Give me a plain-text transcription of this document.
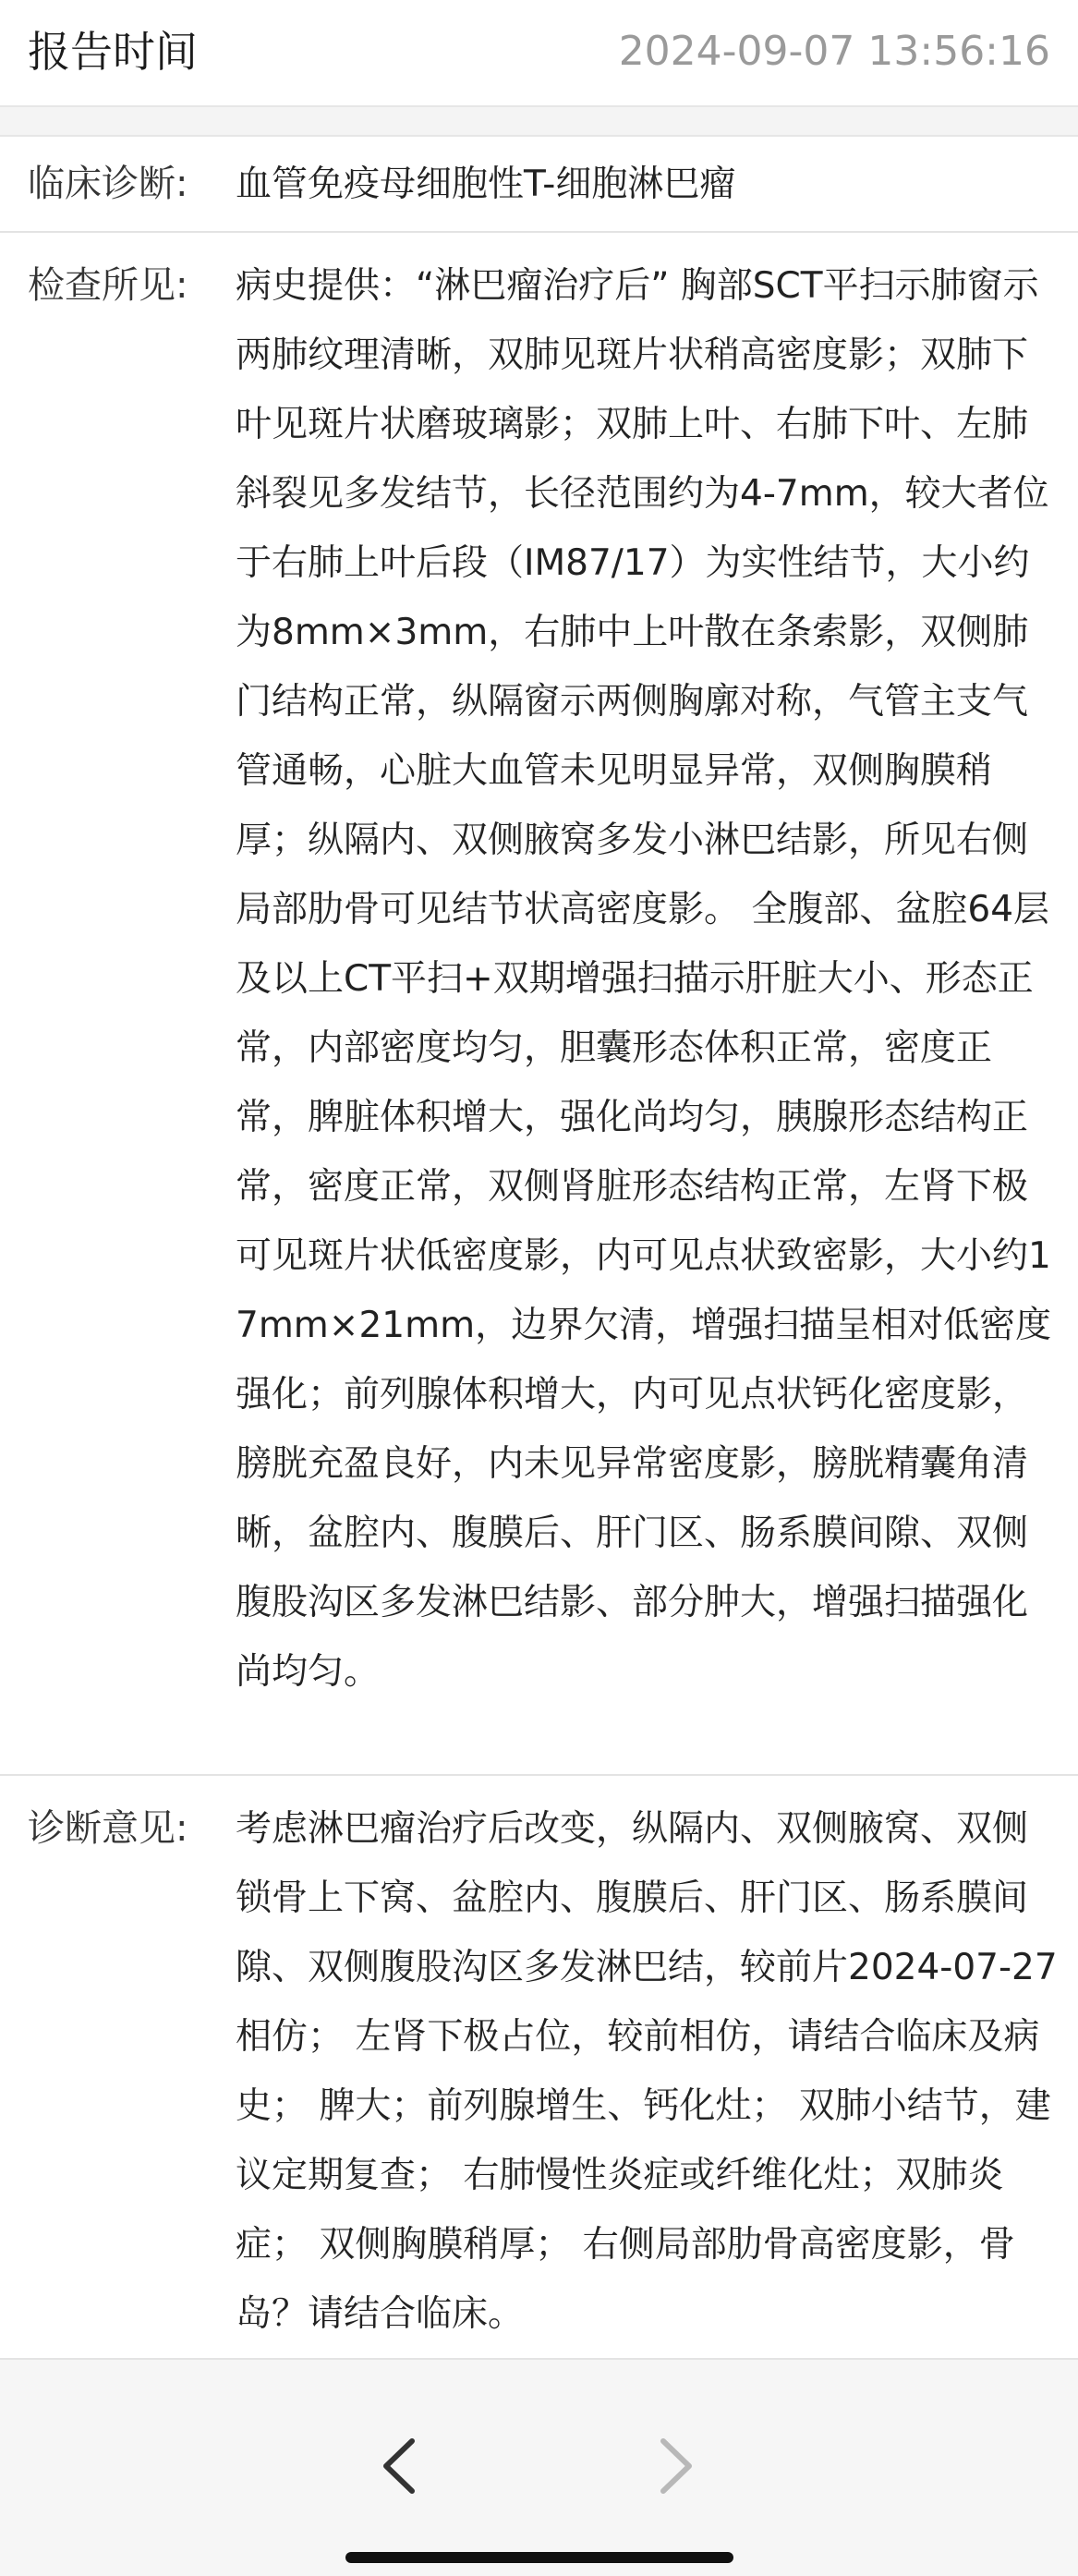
报告时间	2024-09-07 13:56:16
临床诊断: 血管免疫母细胞性T-细胞淋巴瘤
检查所见: 病史提供：“淋巴瘤治疗后” 胸部SCT平扫示肺窗示两肺纹理清晰，双肺见斑片状稍高密度影；双肺下叶见斑片状磨玻璃影；双肺上叶、右肺下叶、左肺斜裂见多发结节，长径范围约为4-7mm，较大者位于右肺上叶后段（IM87/17）为实性结节，大小约为8mm×3mm，右肺中上叶散在条索影，双侧肺门结构正常，纵隔窗示两侧胸廓对称，气管主支气管通畅，心脏大血管未见明显异常，双侧胸膜稍厚；纵隔内、双侧腋窝多发小淋巴结影，所见右侧局部肋骨可见结节状高密度影。 全腹部、盆腔64层及以上CT平扫+双期增强扫描示肝脏大小、形态正常，内部密度均匀，胆囊形态体积正常，密度正常，脾脏体积增大，强化尚均匀，胰腺形态结构正常，密度正常，双侧肾脏形态结构正常，左肾下极可见斑片状低密度影，内可见点状致密影，大小约17mm×21mm，边界欠清，增强扫描呈相对低密度强化；前列腺体积增大，内可见点状钙化密度影，膀胱充盈良好，内未见异常密度影，膀胱精囊角清晰，盆腔内、腹膜后、肝门区、肠系膜间隙、双侧腹股沟区多发淋巴结影、部分肿大，增强扫描强化尚均匀。
诊断意见: 考虑淋巴瘤治疗后改变，纵隔内、双侧腋窝、双侧锁骨上下窝、盆腔内、腹膜后、肝门区、肠系膜间隙、双侧腹股沟区多发淋巴结，较前片2024-07-27相仿； 左肾下极占位，较前相仿，请结合临床及病史； 脾大；前列腺增生、钙化灶； 双肺小结节，建议定期复查； 右肺慢性炎症或纤维化灶；双肺炎症； 双侧胸膜稍厚； 右侧局部肋骨高密度影，骨岛？请结合临床。
